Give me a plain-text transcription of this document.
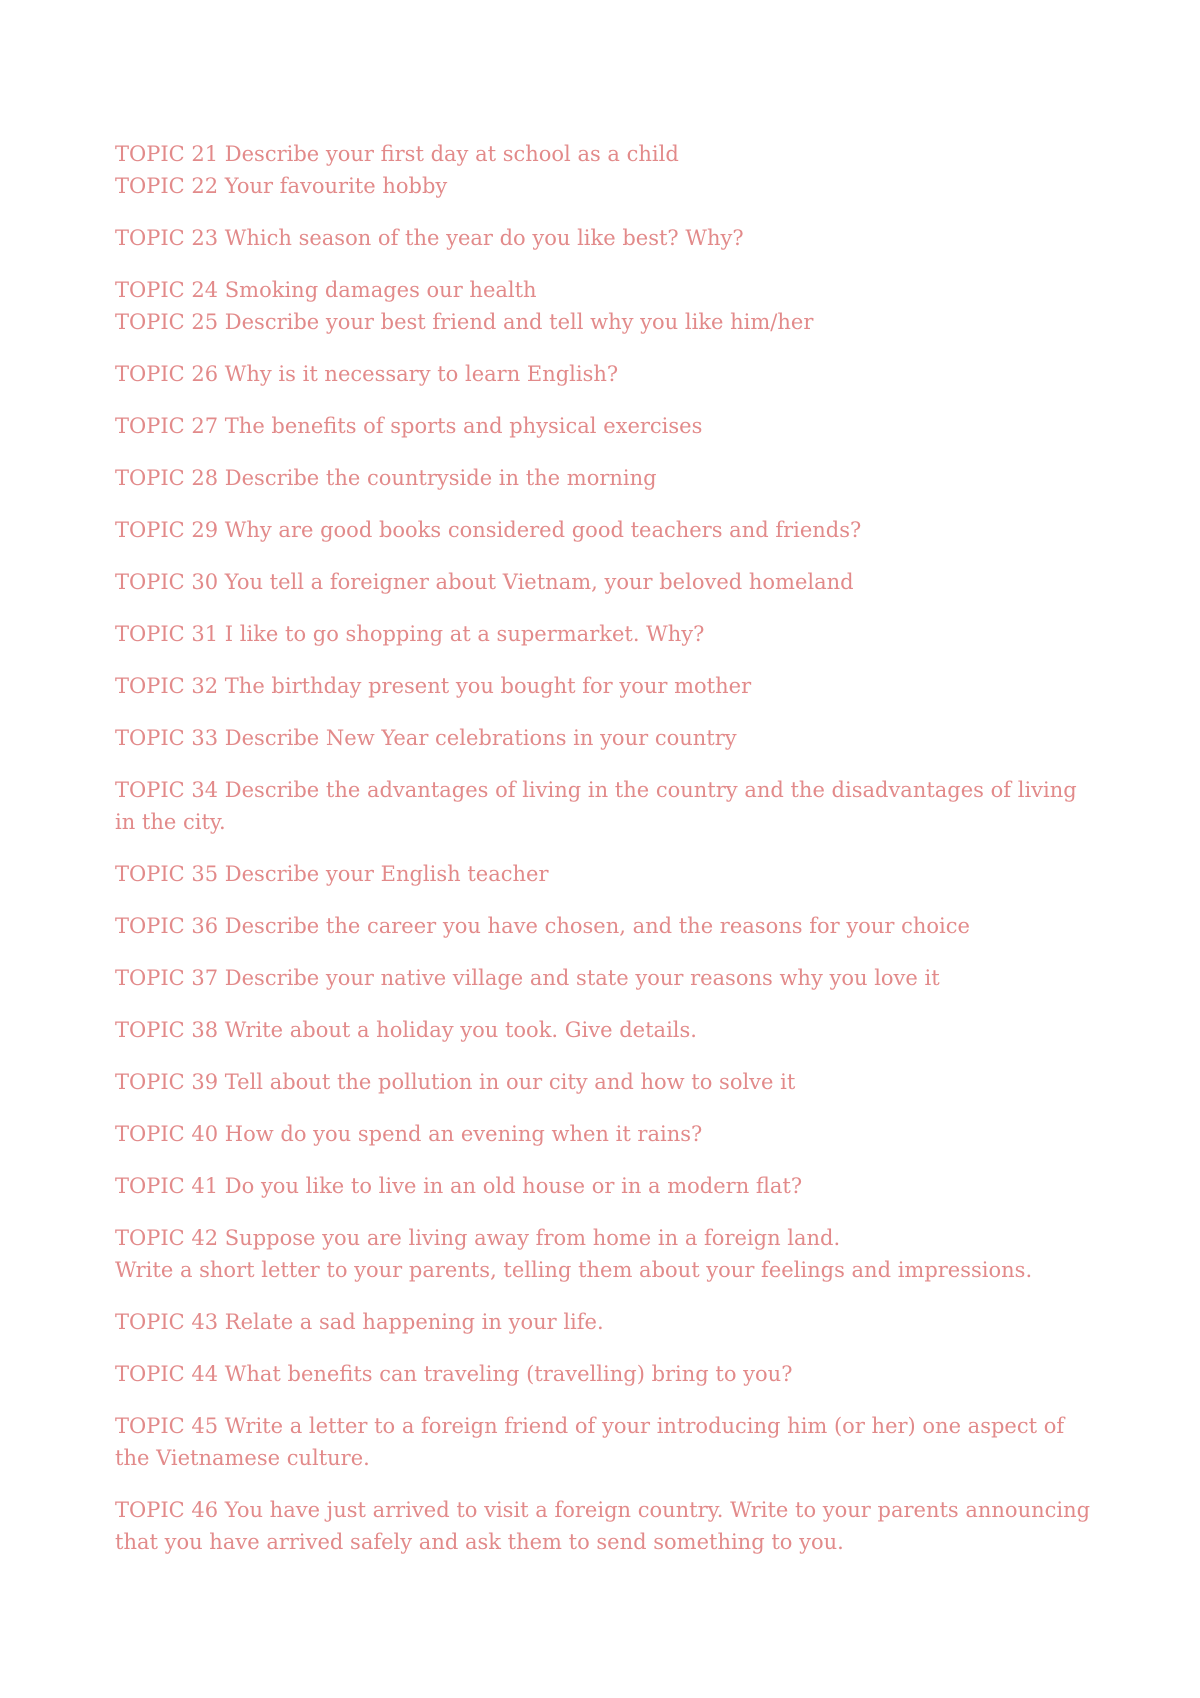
TOPIC 21 Describe your first day at school as a child
TOPIC 22 Your favourite hobby
TOPIC 23 Which season of the year do you like best? Why?
TOPIC 24 Smoking damages our health
TOPIC 25 Describe your best friend and tell why you like him/her
TOPIC 26 Why is it necessary to learn English?
TOPIC 27 The benefits of sports and physical exercises
TOPIC 28 Describe the countryside in the morning
TOPIC 29 Why are good books considered good teachers and friends?
TOPIC 30 You tell a foreigner about Vietnam, your beloved homeland
TOPIC 31 I like to go shopping at a supermarket. Why?
TOPIC 32 The birthday present you bought for your mother
TOPIC 33 Describe New Year celebrations in your country
TOPIC 34 Describe the advantages of living in the country and the disadvantages of living in the city.
TOPIC 35 Describe your English teacher
TOPIC 36 Describe the career you have chosen, and the reasons for your choice
TOPIC 37 Describe your native village and state your reasons why you love it
TOPIC 38 Write about a holiday you took. Give details.
TOPIC 39 Tell about the pollution in our city and how to solve it
TOPIC 40 How do you spend an evening when it rains?
TOPIC 41 Do you like to live in an old house or in a modern flat?
TOPIC 42 Suppose you are living away from home in a foreign land.
Write a short letter to your parents, telling them about your feelings and impressions.
TOPIC 43 Relate a sad happening in your life.
TOPIC 44 What benefits can traveling (travelling) bring to you?
TOPIC 45 Write a letter to a foreign friend of your introducing him (or her) one aspect of the Vietnamese culture.
TOPIC 46 You have just arrived to visit a foreign country. Write to your parents announcing that you have arrived safely and ask them to send something to you.
